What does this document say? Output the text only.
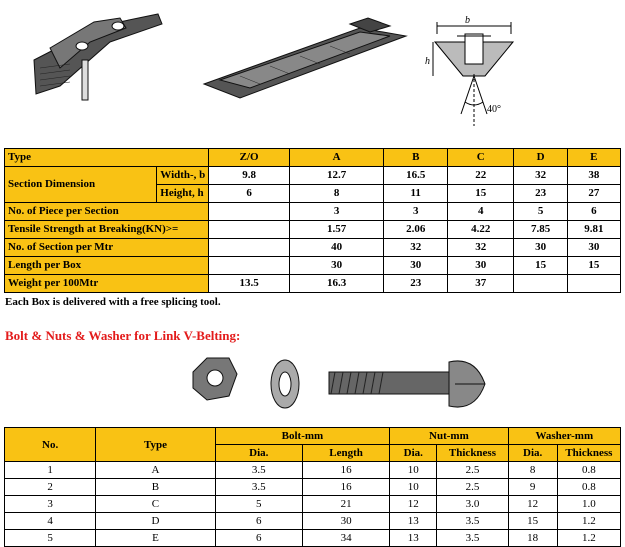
b
h
40°
Type		Z/O	A	B	C	D	E
Section Dimension	Width-, b	9.8	12.7	16.5	22	32	38
	Height, h	6	8	11	15	23	27
No. of Piece per Section			3	3	4	5	6
Tensile Strength at Breaking(KN)>=			1.57	2.06	4.22	7.85	9.81
No. of Section per Mtr			40	32	32	30	30
Length per Box			30	30	30	15	15
Weight per 100Mtr		13.5	16.3	23	37		
Each Box is delivered with a free splicing tool.
Bolt & Nuts & Washer for Link V-Belting:
No.	Type	Bolt-mm		Nut-mm		Washer-mm	
		Dia.	Length	Dia.	Thickness	Dia.	Thickness
1	A	3.5	16	10	2.5	8	0.8
2	B	3.5	16	10	2.5	9	0.8
3	C	5	21	12	3.0	12	1.0
4	D	6	30	13	3.5	15	1.2
5	E	6	34	13	3.5	18	1.2
